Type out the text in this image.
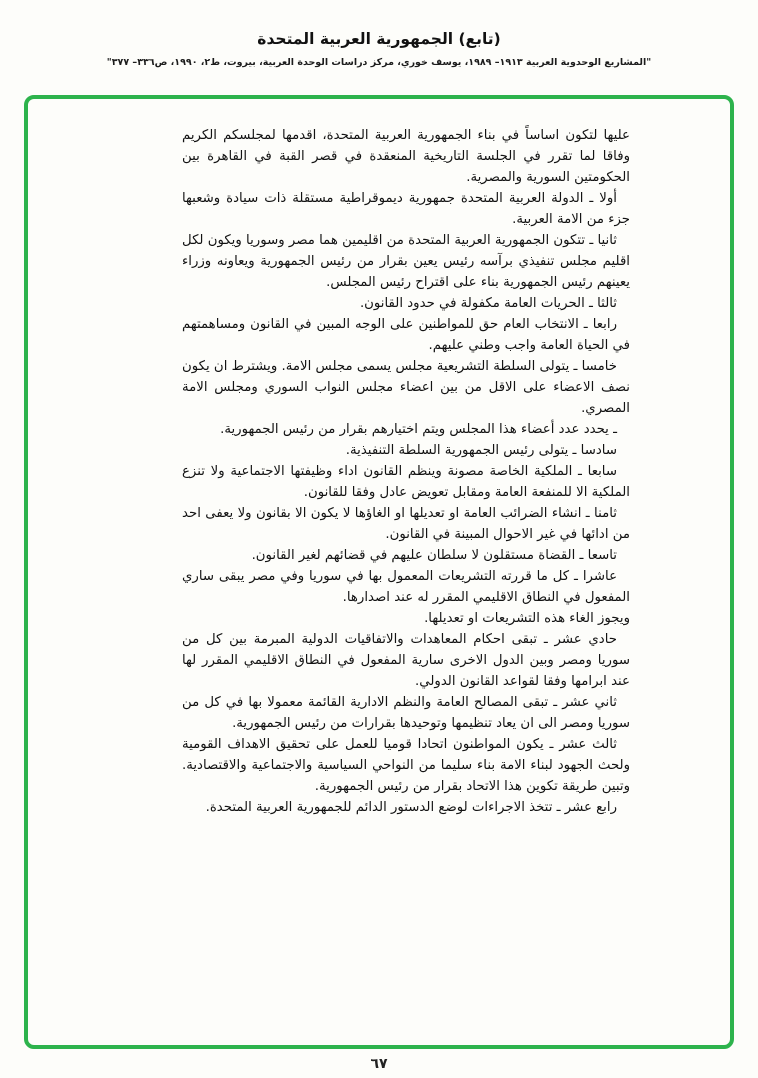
(تابع) الجمهورية العربية المتحدة
"المشاريع الوحدوية العربية ١٩١٣– ١٩٨٩، يوسف خوري، مركز دراسات الوحدة العربية، بيروت، ط٢، ١٩٩٠، ص٣٣٦– ٣٧٧"

عليها لتكون اساساً في بناء الجمهورية العربية المتحدة، اقدمها لمجلسكم الكريم وفاقا لما تقرر في الجلسة التاريخية المنعقدة في قصر القبة في القاهرة بين الحكومتين السورية والمصرية.

أولا ـ الدولة العربية المتحدة جمهورية ديموقراطية مستقلة ذات سيادة وشعبها جزء من الامة العربية.

ثانيا ـ تتكون الجمهورية العربية المتحدة من اقليمين هما مصر وسوريا ويكون لكل اقليم مجلس تنفيذي برآسه رئيس يعين بقرار من رئيس الجمهورية ويعاونه وزراء يعينهم رئيس الجمهورية بناء على اقتراح رئيس المجلس.

ثالثا ـ الحريات العامة مكفولة في حدود القانون.

رابعا ـ الانتخاب العام حق للمواطنين على الوجه المبين في القانون ومساهمتهم في الحياة العامة واجب وطني عليهم.

خامسا ـ يتولى السلطة التشريعية مجلس يسمى مجلس الامة. ويشترط ان يكون نصف الاعضاء على الاقل من بين اعضاء مجلس النواب السوري ومجلس الامة المصري.

ـ يحدد عدد أعضاء هذا المجلس ويتم اختيارهم بقرار من رئيس الجمهورية.

سادسا ـ يتولى رئيس الجمهورية السلطة التنفيذية.

سابعا ـ الملكية الخاصة مصونة وينظم القانون اداء وظيفتها الاجتماعية ولا تنزع الملكية الا للمنفعة العامة ومقابل تعويض عادل وفقا للقانون.

ثامنا ـ انشاء الضرائب العامة او تعديلها او الغاؤها لا يكون الا بقانون ولا يعفى احد من ادائها في غير الاحوال المبينة في القانون.

تاسعا ـ القضاة مستقلون لا سلطان عليهم في قضائهم لغير القانون.

عاشرا ـ كل ما قررته التشريعات المعمول بها في سوريا وفي مصر يبقى ساري المفعول في النطاق الاقليمي المقرر له عند اصدارها.

ويجوز الغاء هذه التشريعات او تعديلها.

حادي عشر ـ تبقى احكام المعاهدات والاتفاقيات الدولية المبرمة بين كل من سوريا ومصر وبين الدول الاخرى سارية المفعول في النطاق الاقليمي المقرر لها عند ابرامها وفقا لقواعد القانون الدولي.

ثاني عشر ـ تبقى المصالح العامة والنظم الادارية القائمة معمولا بها في كل من سوريا ومصر الى ان يعاد تنظيمها وتوحيدها بقرارات من رئيس الجمهورية.

ثالث عشر ـ يكون المواطنون اتحادا قوميا للعمل على تحقيق الاهداف القومية ولحث الجهود لبناء الامة بناء سليما من النواحي السياسية والاجتماعية والاقتصادية. وتبين طريقة تكوين هذا الاتحاد بقرار من رئيس الجمهورية.

رابع عشر ـ تتخذ الاجراءات لوضع الدستور الدائم للجمهورية العربية المتحدة.

٦٧
